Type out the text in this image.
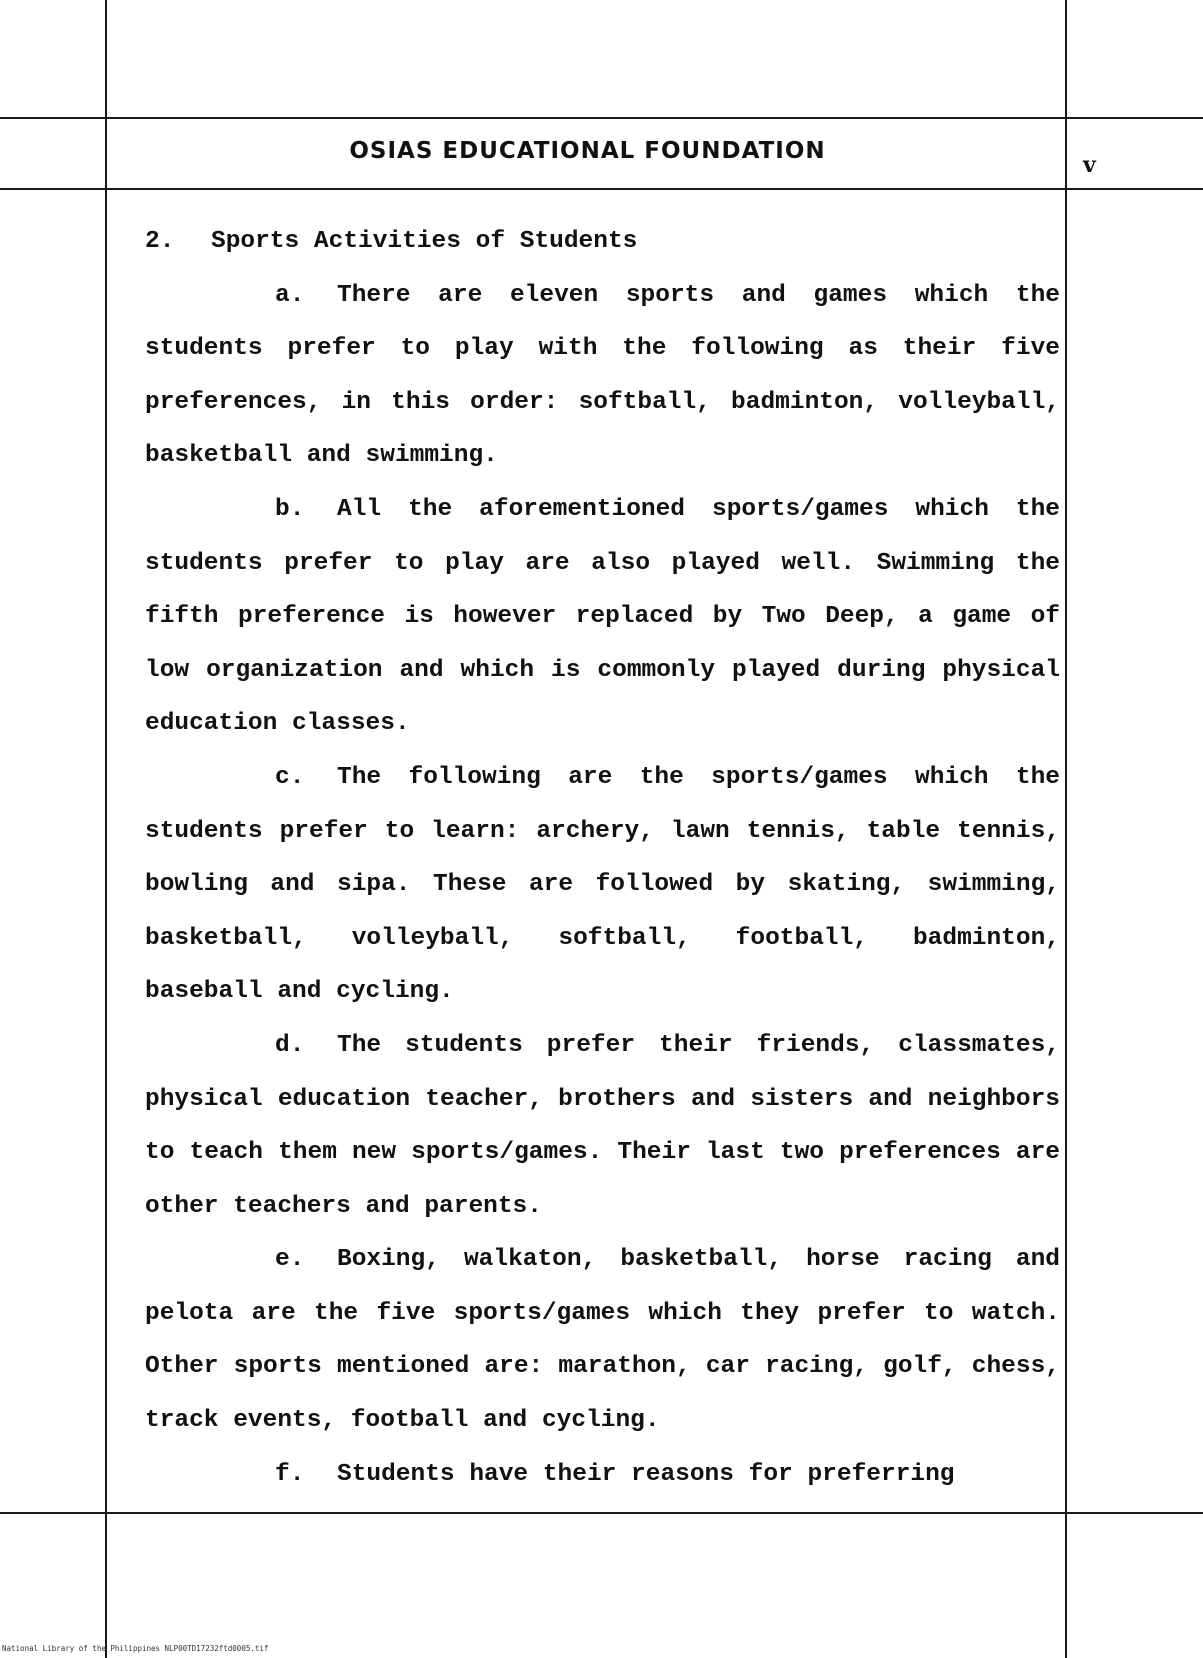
OSIAS EDUCATIONAL FOUNDATION
v

2. Sports Activities of Students

a. There are eleven sports and games which the students prefer to play with the following as their five preferences, in this order: softball, badminton, volleyball, basketball and swimming.

b. All the aforementioned sports/games which the students prefer to play are also played well. Swimming the fifth preference is however replaced by Two Deep, a game of low organization and which is commonly played during physical education classes.

c. The following are the sports/games which the students prefer to learn: archery, lawn tennis, table tennis, bowling and sipa. These are followed by skating, swimming, basketball, volleyball, softball, football, badminton, baseball and cycling.

d. The students prefer their friends, classmates, physical education teacher, brothers and sisters and neighbors to teach them new sports/games. Their last two preferences are other teachers and parents.

e. Boxing, walkaton, basketball, horse racing and pelota are the five sports/games which they prefer to watch. Other sports mentioned are: marathon, car racing, golf, chess, track events, football and cycling.

f. Students have their reasons for preferring

National Library of the Philippines NLP00TD17232ftd0005.tif
